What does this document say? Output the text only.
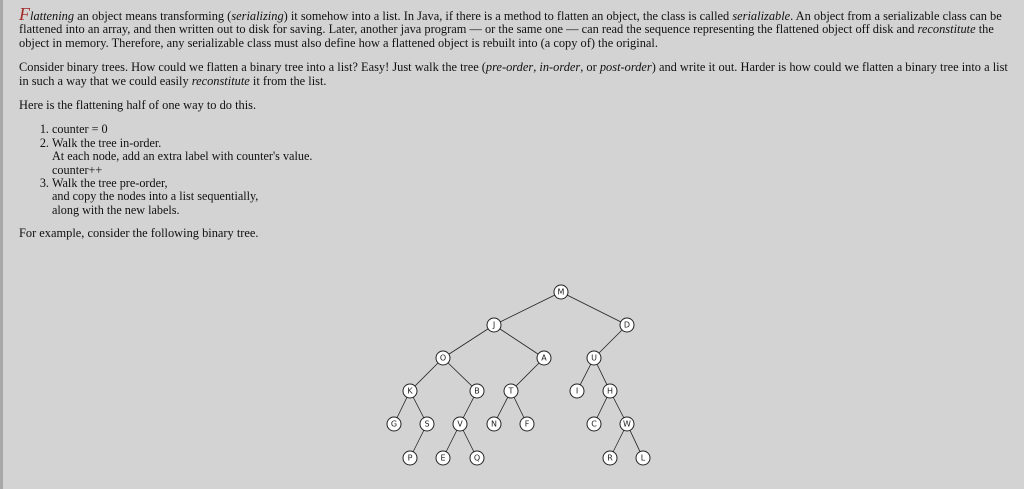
Flattening an object means transforming (serializing) it somehow into a list. In Java, if there is a method to flatten an object, the class is called serializable. An object from a serializable class can be flattened into an array, and then written out to disk for saving. Later, another java program — or the same one — can read the sequence representing the flattened object off disk and reconstitute the object in memory. Therefore, any serializable class must also define how a flattened object is rebuilt into (a copy of) the original.

Consider binary trees. How could we flatten a binary tree into a list? Easy! Just walk the tree (pre-order, in-order, or post-order) and write it out. Harder is how could we flatten a binary tree into a list in such a way that we could easily reconstitute it from the list.

Here is the flattening half of one way to do this.

1. counter = 0
2. Walk the tree in-order.
At each node, add an extra label with counter's value.
counter++
3. Walk the tree pre-order,
and copy the nodes into a list sequentially,
along with the new labels.

For example, consider the following binary tree.

M
J	D
O	A	U
K	B	T	I	H
G	S	V	N	F	C	W
P	E	Q	R	L
